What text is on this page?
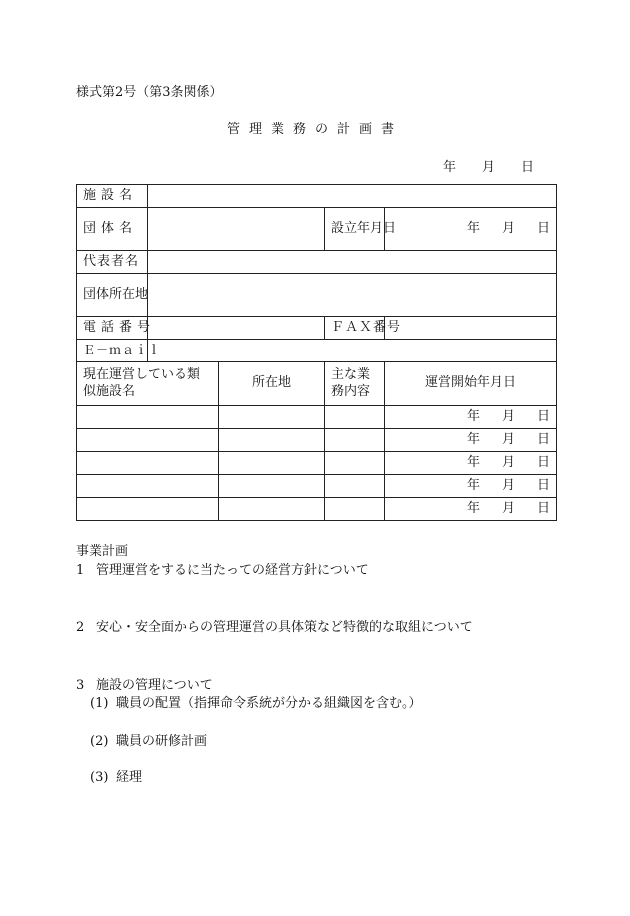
様式第2号（第3条関係）
管理業務の計画書
年 月 日
施設名				
団体名			設立年月日	年 月 日
代表者名				
団体所在地				
電話番号			ＦＡＸ番号	
Ｅ－ｍａｉｌ				
現在運営している類似施設名		所在地	主な業務内容	運営開始年月日
				年 月 日
				年 月 日
				年 月 日
				年 月 日
				年 月 日
事業計画
1 管理運営をするに当たっての経営方針について
2 安心・安全面からの管理運営の具体策など特徴的な取組について
3 施設の管理について
(1) 職員の配置（指揮命令系統が分かる組織図を含む。）
(2) 職員の研修計画
(3) 経理
